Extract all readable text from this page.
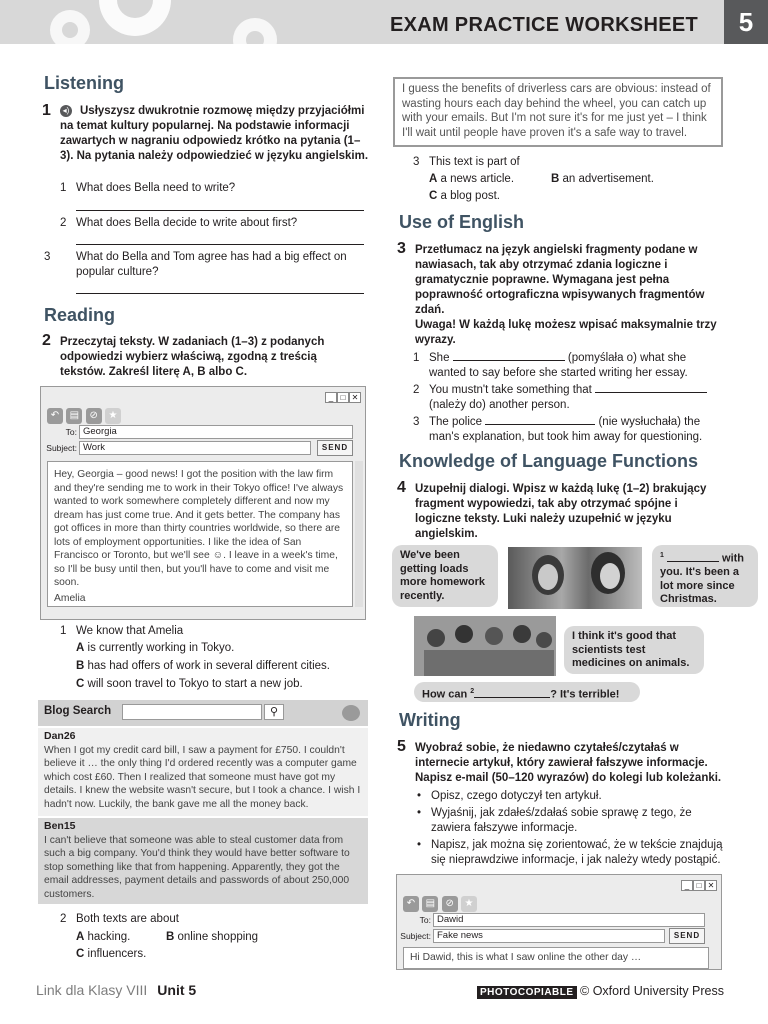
EXAM PRACTICE WORKSHEET	5
Listening
1	◂) Usłyszysz dwukrotnie rozmowę między przyjaciółmi na temat kultury popularnej. Na podstawie informacji zawartych w nagraniu odpowiedz krótko na pytania (1–3). Na pytania należy odpowiedzieć w języku angielskim.
1 What does Bella need to write?
2 What does Bella decide to write about first?
3 What do Bella and Tom agree has had a big effect on popular culture?
Reading
2 Przeczytaj teksty. W zadaniach (1–3) z podanych odpowiedzi wybierz właściwą, zgodną z treścią tekstów. Zakreśl literę A, B albo C.
_ □ ✕
↶ ▤ ⊘ ★
To: Georgia
Subject: Work	SEND
Hey, Georgia – good news! I got the position with the law firm and they're sending me to work in their Tokyo office! I've always wanted to work somewhere completely different and now my dream has just come true. And it gets better. The company has got offices in more than thirty countries worldwide, so there are lots of employment opportunities. I like the idea of San Francisco or Toronto, but we'll see ☺. I leave in a week's time, so I'll be busy until then, but you'll have to come and visit me soon.
Amelia
1 We know that Amelia
A is currently working in Tokyo.
B has had offers of work in several different cities.
C will soon travel to Tokyo to start a new job.
Blog Search	⚲
Dan26
When I got my credit card bill, I saw a payment for £750. I couldn't believe it … the only thing I'd ordered recently was a computer game which cost £60. Then I realized that someone must have got my details. I knew the website wasn't secure, but I took a chance. I wish I hadn't now. Luckily, the bank gave me all the money back.
Ben15
I can't believe that someone was able to steal customer data from such a big company. You'd think they would have better software to stop something like that from happening. Apparently, they got the email addresses, payment details and passwords of about 250,000 customers.
2 Both texts are about
A hacking.	B online shopping
C influencers.
I guess the benefits of driverless cars are obvious: instead of wasting hours each day behind the wheel, you can catch up with your emails. But I'm not sure it's for me just yet – I think I'll wait until people have proven it's a safe way to travel.
3 This text is part of
A a news article.	B an advertisement.
C a blog post.
Use of English
3 Przetłumacz na język angielski fragmenty podane w nawiasach, tak aby otrzymać zdania logiczne i gramatycznie poprawne. Wymagana jest pełna poprawność ortograficzna wpisywanych fragmentów zdań.
Uwaga! W każdą lukę możesz wpisać maksymalnie trzy wyrazy.
1 She	(pomyślała o) what she
wanted to say before she started writing her essay.
2 You mustn't take something that
(należy do) another person.
3 The police	(nie wysłuchała) the
man's explanation, but took him away for questioning.
Knowledge of Language Functions
4 Uzupełnij dialogi. Wpisz w każdą lukę (1–2) brakujący fragment wypowiedzi, tak aby otrzymać spójne i logiczne teksty. Luki należy uzupełnić w języku angielskim.
We've been getting loads more homework recently.
$^1$	with you. It's been a lot more since Christmas.
I think it's good that scientists test medicines on animals.
How can $^2$	? It's terrible!
Writing
5 Wyobraź sobie, że niedawno czytałeś/czytałaś w internecie artykuł, który zawierał fałszywe informacje. Napisz e-mail (50–120 wyrazów) do kolegi lub koleżanki.
• Opisz, czego dotyczył ten artykuł.
• Wyjaśnij, jak zdałeś/zdałaś sobie sprawę z tego, że zawiera fałszywe informacje.
• Napisz, jak można się zorientować, że w tekście znajdują się nieprawdziwe informacje, i jak należy wtedy postąpić.
_ □ ✕
↶ ▤ ⊘ ★
To: Dawid
Subject: Fake news	SEND
Hi Dawid, this is what I saw online the other day …
Link dla Klasy VIII Unit 5	PHOTOCOPIABLE © Oxford University Press
